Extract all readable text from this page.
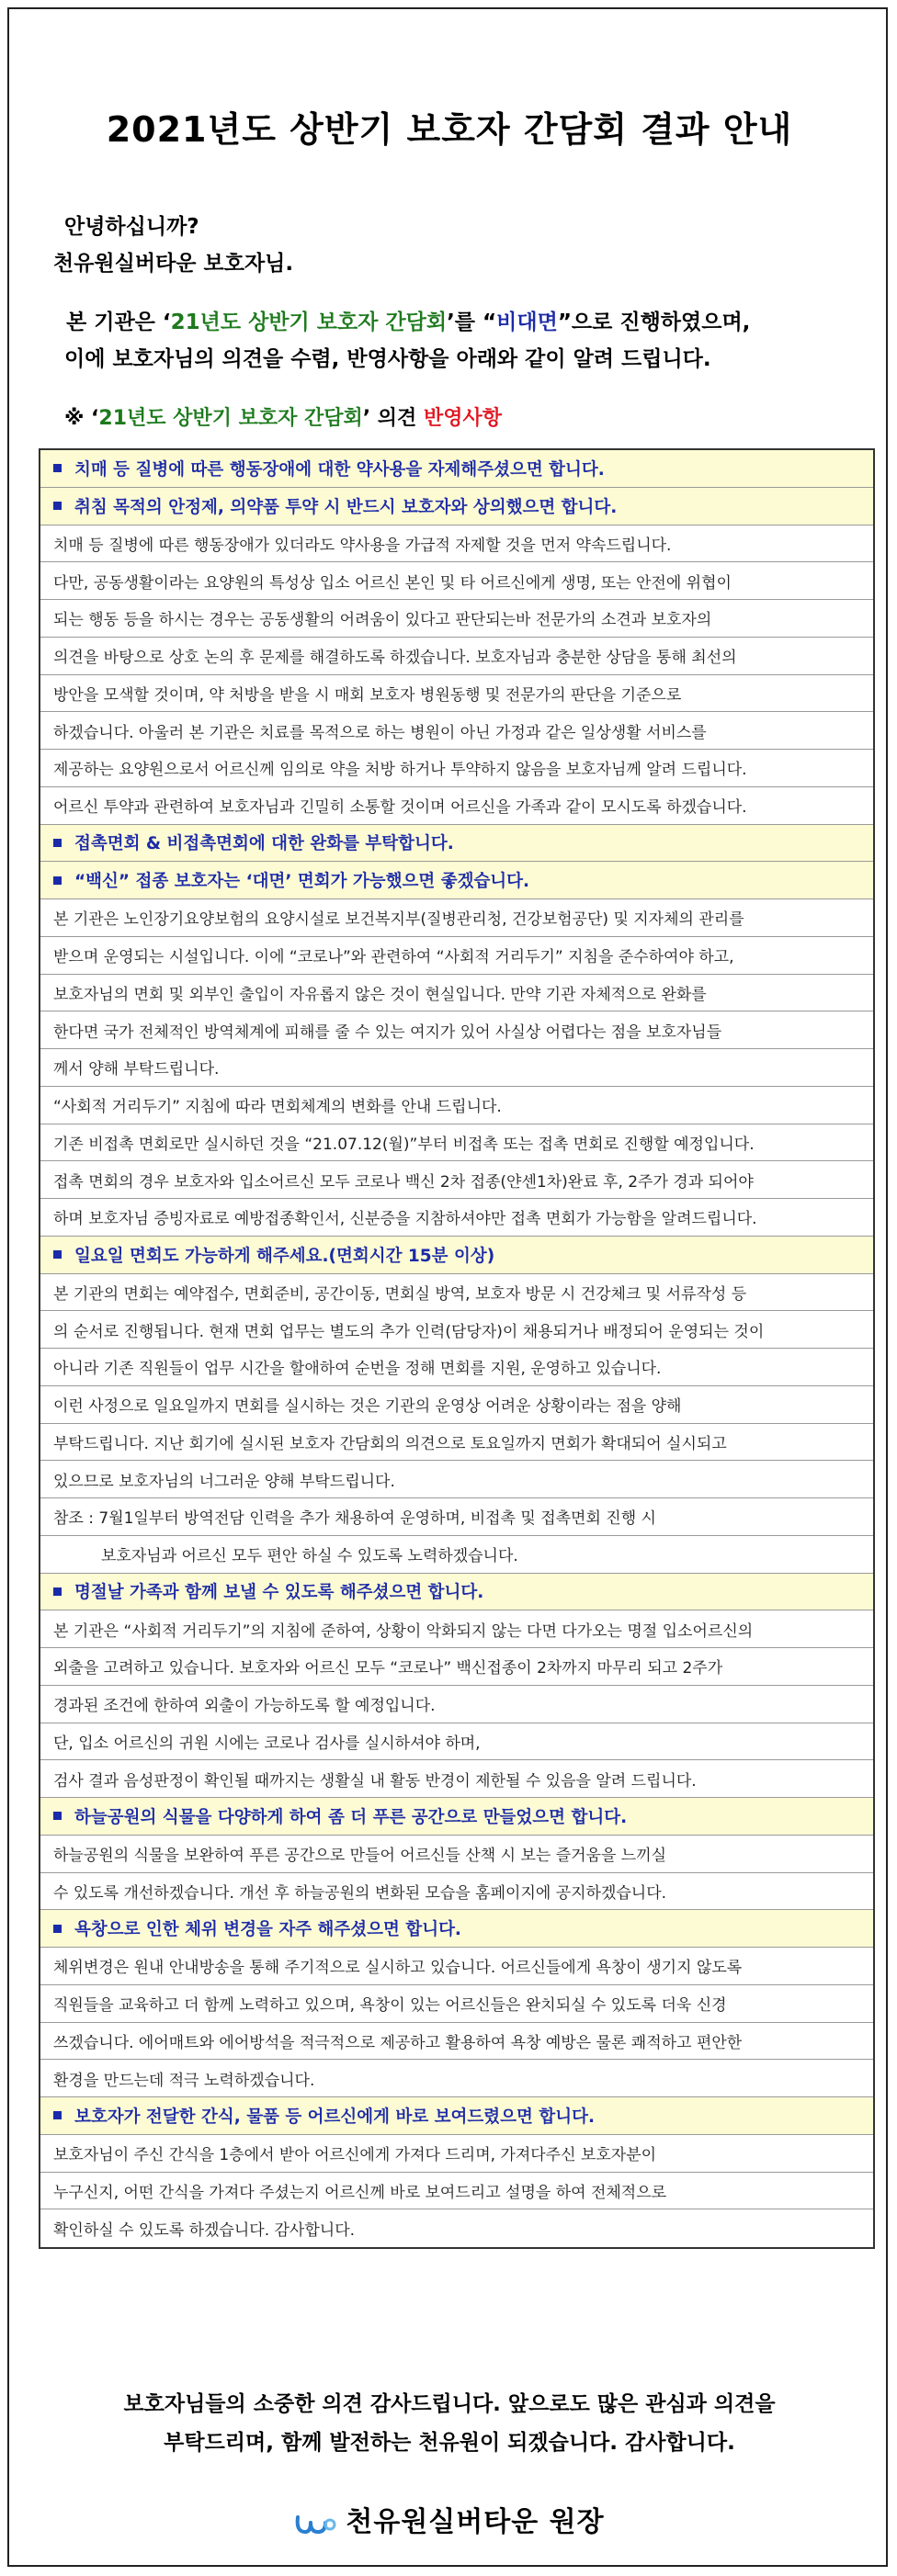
2021년도 상반기 보호자 간담회 결과 안내
안녕하십니까?
천유원실버타운 보호자님.
본 기관은 ‘21년도 상반기 보호자 간담회’를 “비대면”으로 진행하였으며,
이에 보호자님의 의견을 수렴, 반영사항을 아래와 같이 알려 드립니다.
※ ‘21년도 상반기 보호자 간담회’ 의견 반영사항
치매 등 질병에 따른 행동장애에 대한 약사용을 자제해주셨으면 합니다.
취침 목적의 안정제, 의약품 투약 시 반드시 보호자와 상의했으면 합니다.
치매 등 질병에 따른 행동장애가 있더라도 약사용을 가급적 자제할 것을 먼저 약속드립니다.
다만, 공동생활이라는 요양원의 특성상 입소 어르신 본인 및 타 어르신에게 생명, 또는 안전에 위협이
되는 행동 등을 하시는 경우는 공동생활의 어려움이 있다고 판단되는바 전문가의 소견과 보호자의
의견을 바탕으로 상호 논의 후 문제를 해결하도록 하겠습니다. 보호자님과 충분한 상담을 통해 최선의
방안을 모색할 것이며, 약 처방을 받을 시 매회 보호자 병원동행 및 전문가의 판단을 기준으로
하겠습니다. 아울러 본 기관은 치료를 목적으로 하는 병원이 아닌 가정과 같은 일상생활 서비스를
제공하는 요양원으로서 어르신께 임의로 약을 처방 하거나 투약하지 않음을 보호자님께 알려 드립니다.
어르신 투약과 관련하여 보호자님과 긴밀히 소통할 것이며 어르신을 가족과 같이 모시도록 하겠습니다.
접촉면회 & 비접촉면회에 대한 완화를 부탁합니다.
“백신” 접종 보호자는 ‘대면’ 면회가 가능했으면 좋겠습니다.
본 기관은 노인장기요양보험의 요양시설로 보건복지부(질병관리청, 건강보험공단) 및 지자체의 관리를
받으며 운영되는 시설입니다. 이에 “코로나”와 관련하여 “사회적 거리두기” 지침을 준수하여야 하고,
보호자님의 면회 및 외부인 출입이 자유롭지 않은 것이 현실입니다. 만약 기관 자체적으로 완화를
한다면 국가 전체적인 방역체계에 피해를 줄 수 있는 여지가 있어 사실상 어렵다는 점을 보호자님들
께서 양해 부탁드립니다.
“사회적 거리두기” 지침에 따라 면회체계의 변화를 안내 드립니다.
기존 비접촉 면회로만 실시하던 것을 “21.07.12(월)”부터 비접촉 또는 접촉 면회로 진행할 예정입니다.
접촉 면회의 경우 보호자와 입소어르신 모두 코로나 백신 2차 접종(얀센1차)완료 후, 2주가 경과 되어야
하며 보호자님 증빙자료로 예방접종확인서, 신분증을 지참하셔야만 접촉 면회가 가능함을 알려드립니다.
일요일 면회도 가능하게 해주세요.(면회시간 15분 이상)
본 기관의 면회는 예약접수, 면회준비, 공간이동, 면회실 방역, 보호자 방문 시 건강체크 및 서류작성 등
의 순서로 진행됩니다. 현재 면회 업무는 별도의 추가 인력(담당자)이 채용되거나 배정되어 운영되는 것이
아니라 기존 직원들이 업무 시간을 할애하여 순번을 정해 면회를 지원, 운영하고 있습니다.
이런 사정으로 일요일까지 면회를 실시하는 것은 기관의 운영상 어려운 상황이라는 점을 양해
부탁드립니다. 지난 회기에 실시된 보호자 간담회의 의견으로 토요일까지 면회가 확대되어 실시되고
있으므로 보호자님의 너그러운 양해 부탁드립니다.
참조 : 7월1일부터 방역전담 인력을 추가 채용하여 운영하며, 비접촉 및 접촉면회 진행 시
보호자님과 어르신 모두 편안 하실 수 있도록 노력하겠습니다.
명절날 가족과 함께 보낼 수 있도록 해주셨으면 합니다.
본 기관은 “사회적 거리두기”의 지침에 준하여, 상황이 악화되지 않는 다면 다가오는 명절 입소어르신의
외출을 고려하고 있습니다. 보호자와 어르신 모두 “코로나” 백신접종이 2차까지 마무리 되고 2주가
경과된 조건에 한하여 외출이 가능하도록 할 예정입니다.
단, 입소 어르신의 귀원 시에는 코로나 검사를 실시하셔야 하며,
검사 결과 음성판정이 확인될 때까지는 생활실 내 활동 반경이 제한될 수 있음을 알려 드립니다.
하늘공원의 식물을 다양하게 하여 좀 더 푸른 공간으로 만들었으면 합니다.
하늘공원의 식물을 보완하여 푸른 공간으로 만들어 어르신들 산책 시 보는 즐거움을 느끼실
수 있도록 개선하겠습니다. 개선 후 하늘공원의 변화된 모습을 홈페이지에 공지하겠습니다.
욕창으로 인한 체위 변경을 자주 해주셨으면 합니다.
체위변경은 원내 안내방송을 통해 주기적으로 실시하고 있습니다. 어르신들에게 욕창이 생기지 않도록
직원들을 교육하고 더 함께 노력하고 있으며, 욕창이 있는 어르신들은 완치되실 수 있도록 더욱 신경
쓰겠습니다. 에어매트와 에어방석을 적극적으로 제공하고 활용하여 욕창 예방은 물론 쾌적하고 편안한
환경을 만드는데 적극 노력하겠습니다.
보호자가 전달한 간식, 물품 등 어르신에게 바로 보여드렸으면 합니다.
보호자님이 주신 간식을 1층에서 받아 어르신에게 가져다 드리며, 가져다주신 보호자분이
누구신지, 어떤 간식을 가져다 주셨는지 어르신께 바로 보여드리고 설명을 하여 전체적으로
확인하실 수 있도록 하겠습니다. 감사합니다.
보호자님들의 소중한 의견 감사드립니다. 앞으로도 많은 관심과 의견을
부탁드리며, 함께 발전하는 천유원이 되겠습니다. 감사합니다.
천유원실버타운 원장
